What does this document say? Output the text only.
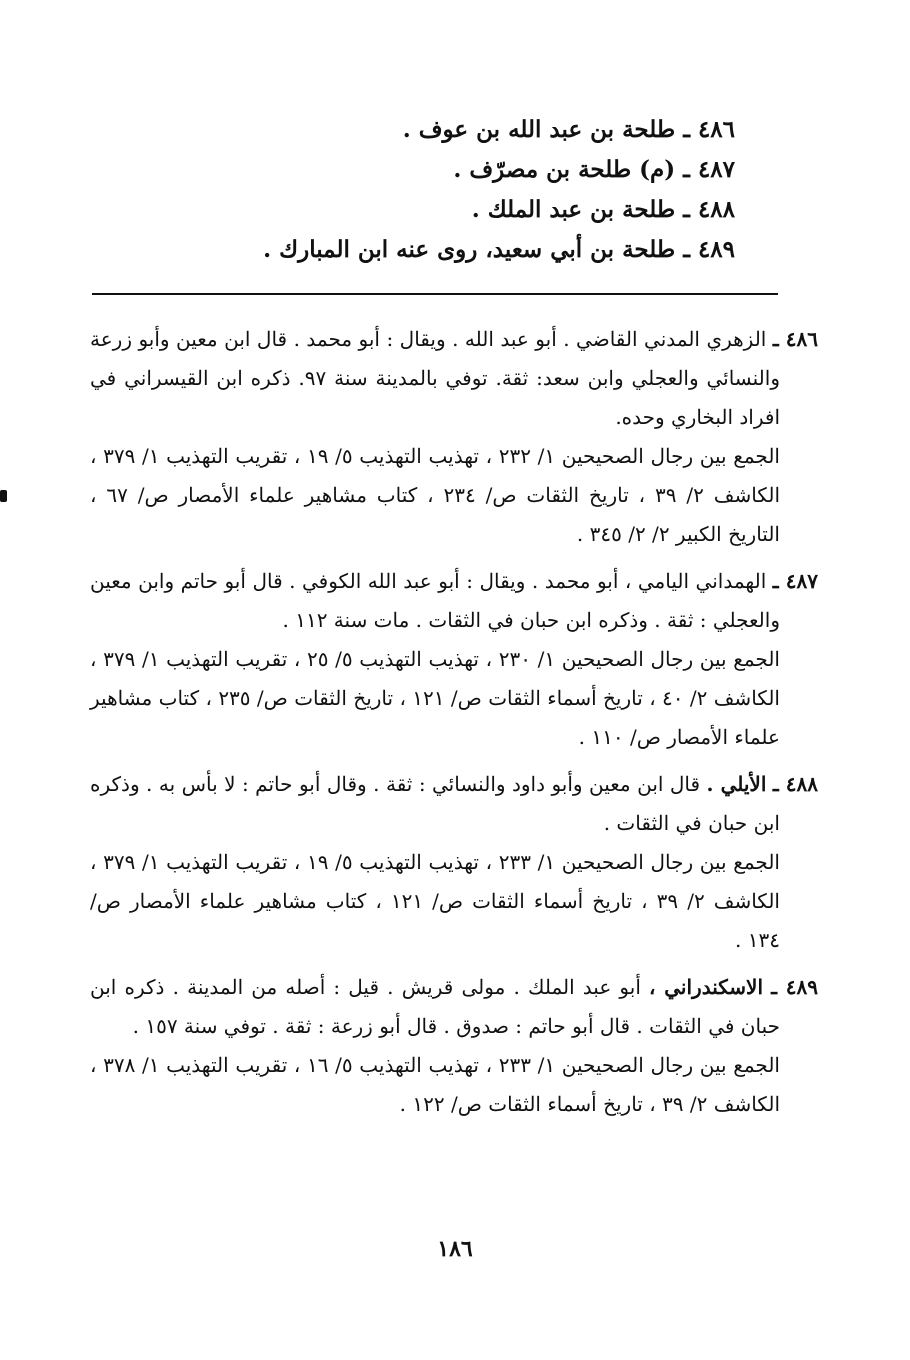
٤٨٦ ـ طلحة بن عبد الله بن عوف .
٤٨٧ ـ (م) طلحة بن مصرّف .
٤٨٨ ـ طلحة بن عبد الملك .
٤٨٩ ـ طلحة بن أبي سعيد، روى عنه ابن المبارك .

٤٨٦ ـ الزهري المدني القاضي . أبو عبد الله . ويقال : أبو محمد . قال ابن معين وأبو زرعة والنسائي والعجلي وابن سعد: ثقة. توفي بالمدينة سنة ٩٧. ذكره ابن القيسراني في افراد البخاري وحده.

الجمع بين رجال الصحيحين ١/ ٢٣٢ ، تهذيب التهذيب ٥/ ١٩ ، تقريب التهذيب ١/ ٣٧٩ ، الكاشف ٢/ ٣٩ ، تاريخ الثقات ص/ ٢٣٤ ، كتاب مشاهير علماء الأمصار ص/ ٦٧ ، التاريخ الكبير ٢/ ٢/ ٣٤٥ .

٤٨٧ ـ الهمداني اليامي ، أبو محمد . ويقال : أبو عبد الله الكوفي . قال أبو حاتم وابن معين والعجلي : ثقة . وذكره ابن حبان في الثقات . مات سنة ١١٢ .

الجمع بين رجال الصحيحين ١/ ٢٣٠ ، تهذيب التهذيب ٥/ ٢٥ ، تقريب التهذيب ١/ ٣٧٩ ، الكاشف ٢/ ٤٠ ، تاريخ أسماء الثقات ص/ ١٢١ ، تاريخ الثقات ص/ ٢٣٥ ، كتاب مشاهير علماء الأمصار ص/ ١١٠ .

٤٨٨ ـ الأيلي . قال ابن معين وأبو داود والنسائي : ثقة . وقال أبو حاتم : لا بأس به . وذكره ابن حبان في الثقات .

الجمع بين رجال الصحيحين ١/ ٢٣٣ ، تهذيب التهذيب ٥/ ١٩ ، تقريب التهذيب ١/ ٣٧٩ ، الكاشف ٢/ ٣٩ ، تاريخ أسماء الثقات ص/ ١٢١ ، كتاب مشاهير علماء الأمصار ص/ ١٣٤ .

٤٨٩ ـ الاسكندراني ، أبو عبد الملك . مولى قريش . قيل : أصله من المدينة . ذكره ابن حبان في الثقات . قال أبو حاتم : صدوق . قال أبو زرعة : ثقة . توفي سنة ١٥٧ .

الجمع بين رجال الصحيحين ١/ ٢٣٣ ، تهذيب التهذيب ٥/ ١٦ ، تقريب التهذيب ١/ ٣٧٨ ، الكاشف ٢/ ٣٩ ، تاريخ أسماء الثقات ص/ ١٢٢ .

١٨٦
